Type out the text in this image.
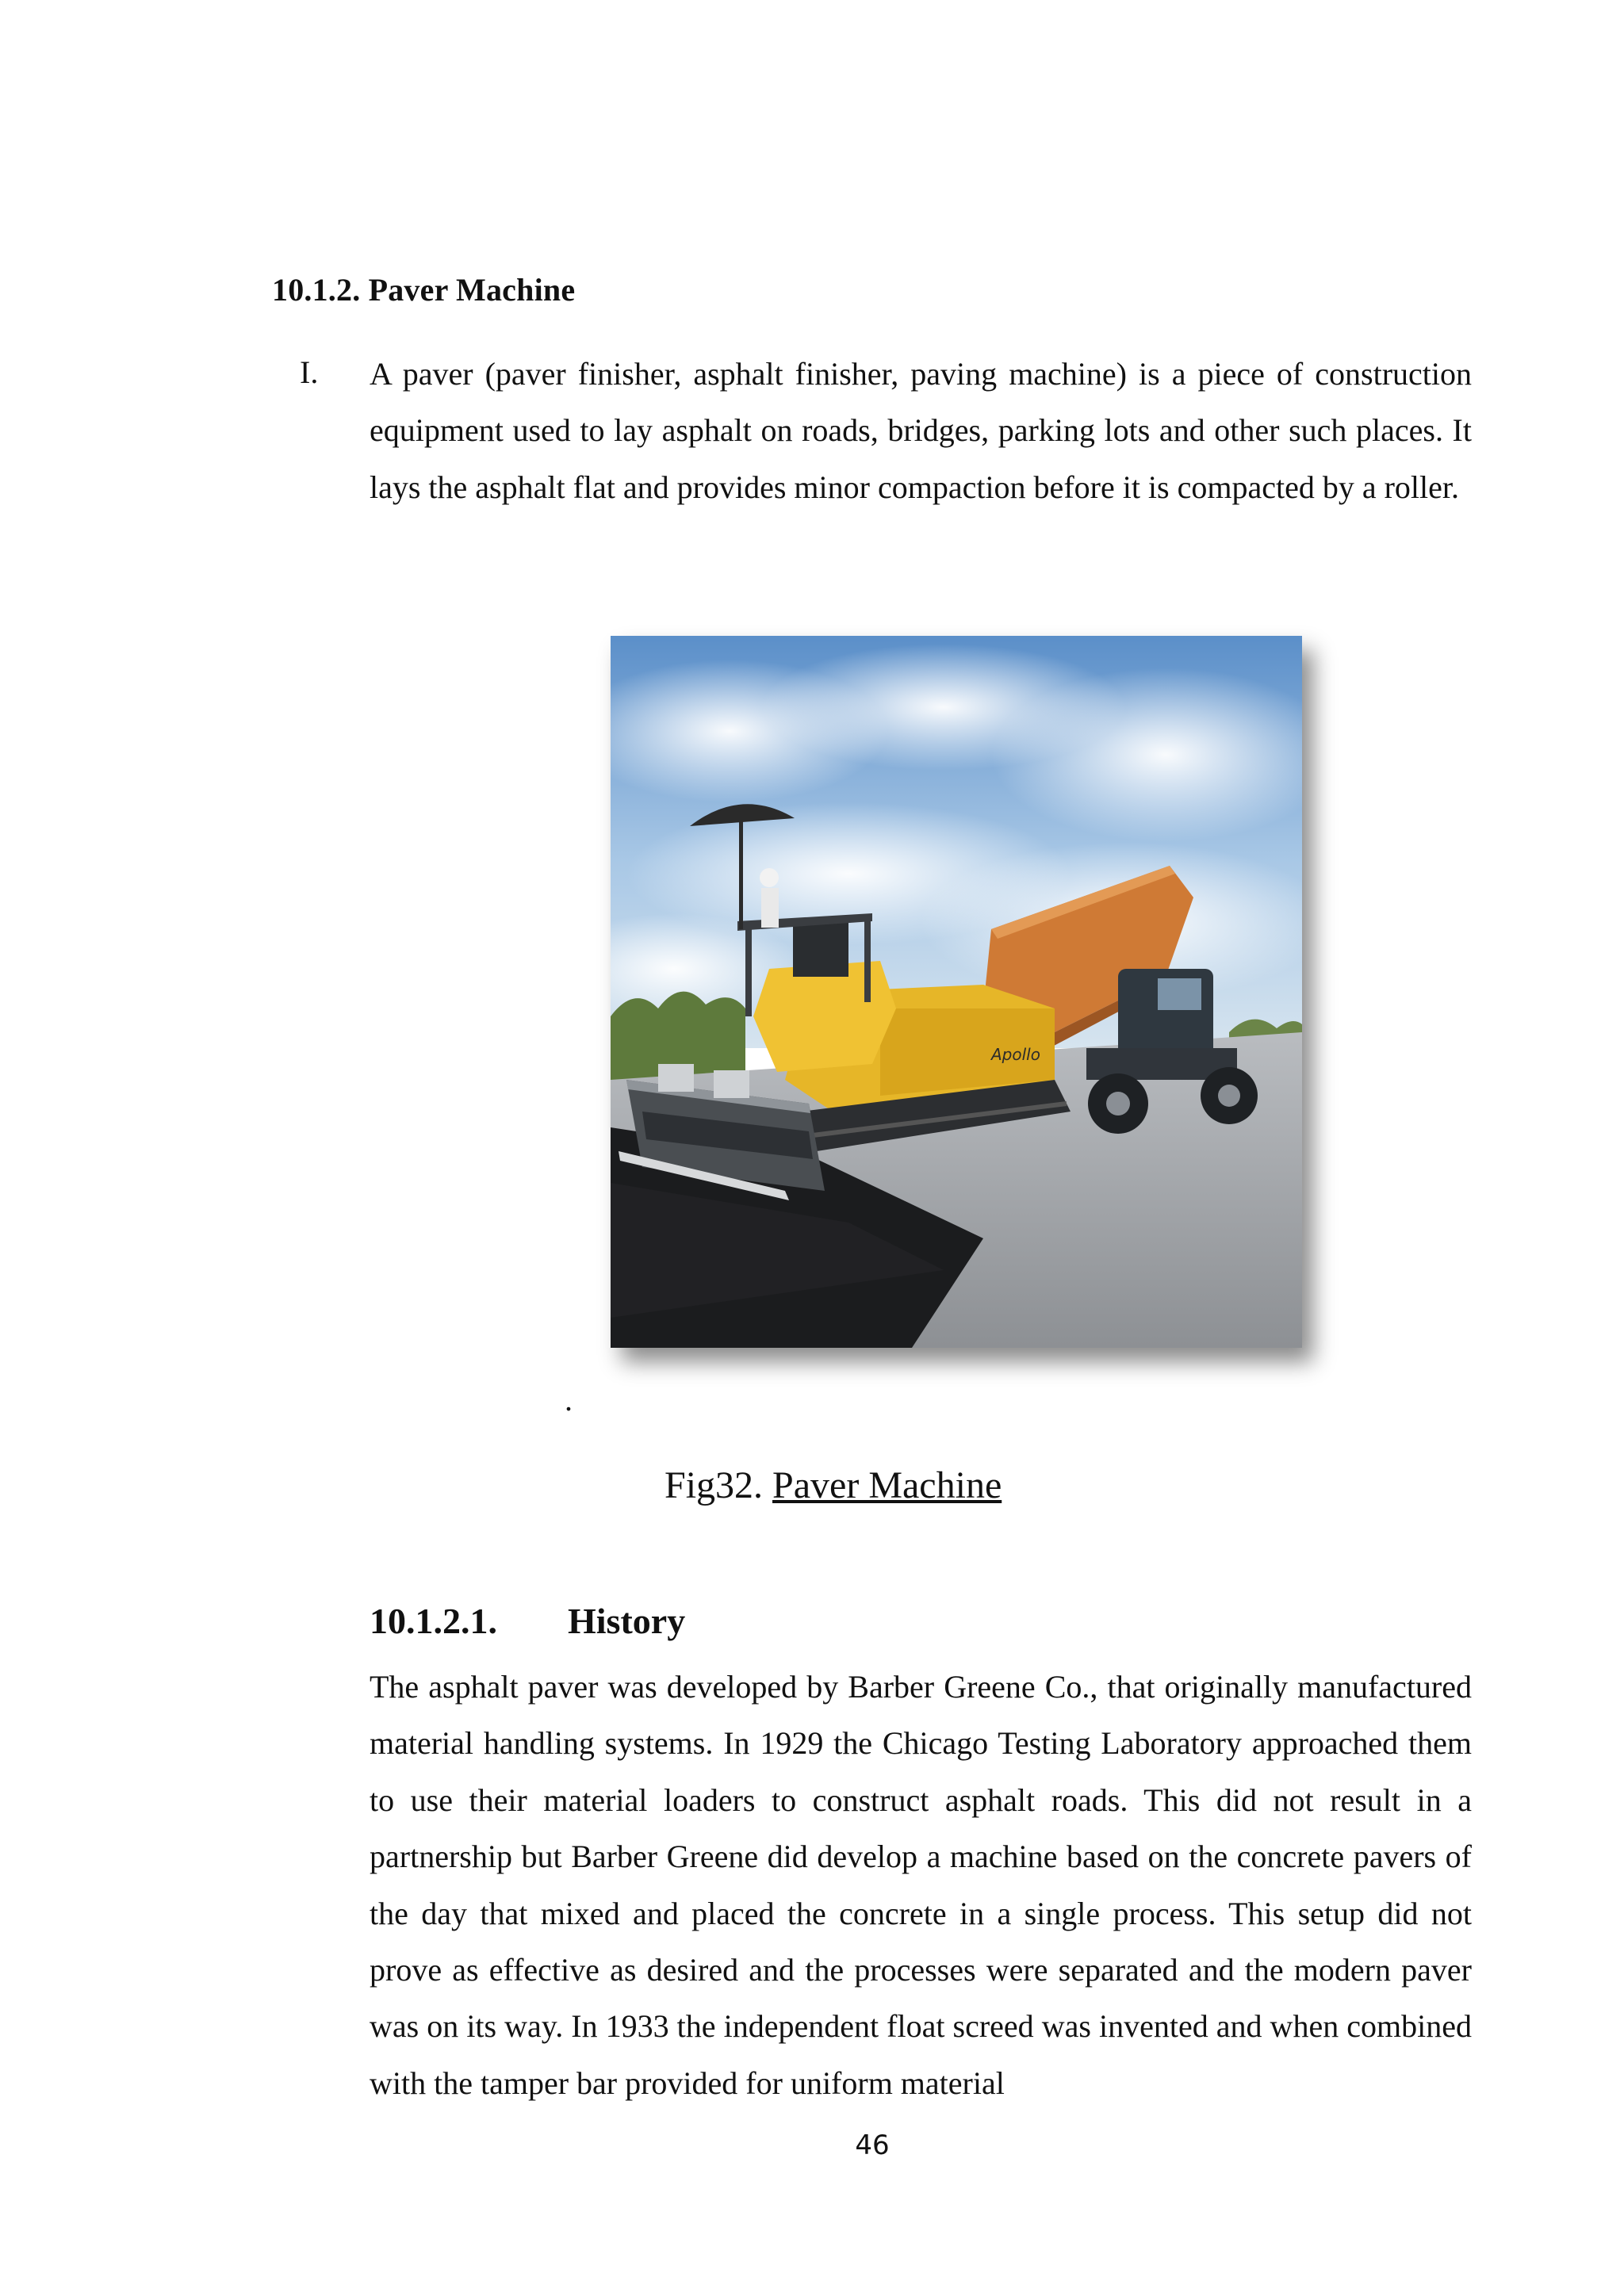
10.1.2. Paver Machine
I. A paver (paver finisher, asphalt finisher, paving machine) is a piece of construction equipment used to lay asphalt on roads, bridges, parking lots and other such places. It lays the asphalt flat and provides minor compaction before it is compacted by a roller.

Apollo
.
Fig32. Paver Machine
10.1.2.1. History

The asphalt paver was developed by Barber Greene Co., that originally manufactured material handling systems. In 1929 the Chicago Testing Laboratory approached them to use their material loaders to construct asphalt roads. This did not result in a partnership but Barber Greene did develop a machine based on the concrete pavers of the day that mixed and placed the concrete in a single process. This setup did not prove as effective as desired and the processes were separated and the modern paver was on its way. In 1933 the independent float screed was invented and when combined with the tamper bar provided for uniform material

46
